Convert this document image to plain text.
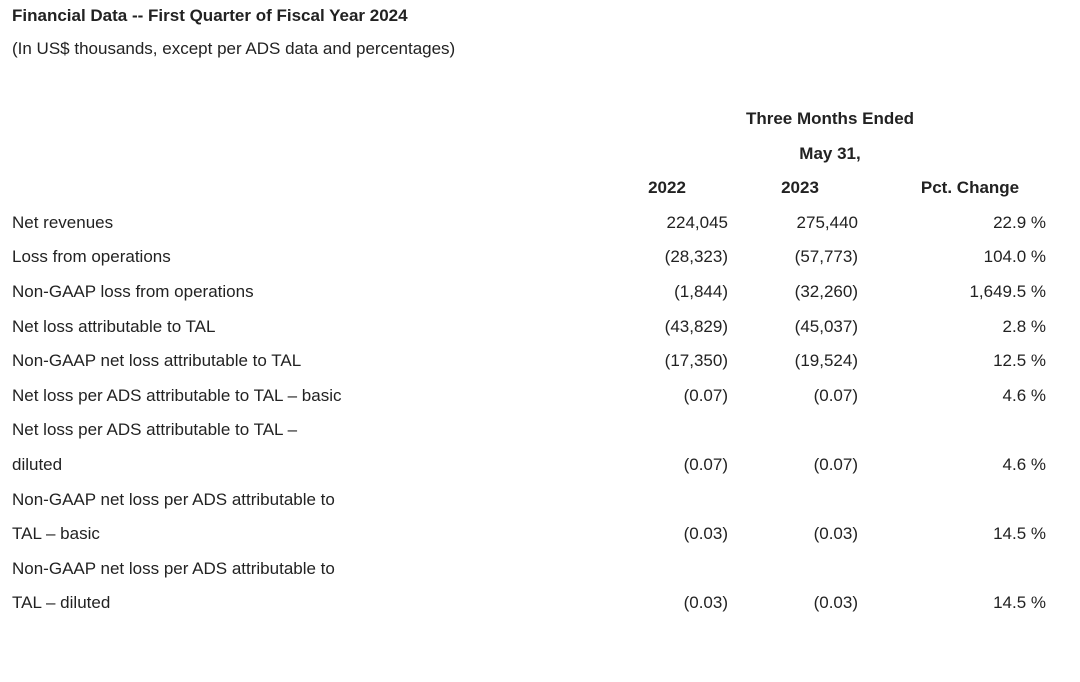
Financial Data -- First Quarter of Fiscal Year 2024
(In US$ thousands, except per ADS data and percentages)
	Three Months Ended		
	May 31,		
	2022	2023	Pct. Change
Net revenues	224,045	275,440	22.9 %
Loss from operations	(28,323)	(57,773)	104.0 %
Non-GAAP loss from operations	(1,844)	(32,260)	1,649.5 %
Net loss attributable to TAL	(43,829)	(45,037)	2.8 %
Non-GAAP net loss attributable to TAL	(17,350)	(19,524)	12.5 %
Net loss per ADS attributable to TAL – basic	(0.07)	(0.07)	4.6 %
Net loss per ADS attributable to TAL –			
diluted	(0.07)	(0.07)	4.6 %
Non-GAAP net loss per ADS attributable to			
TAL – basic	(0.03)	(0.03)	14.5 %
Non-GAAP net loss per ADS attributable to			
TAL – diluted	(0.03)	(0.03)	14.5 %
